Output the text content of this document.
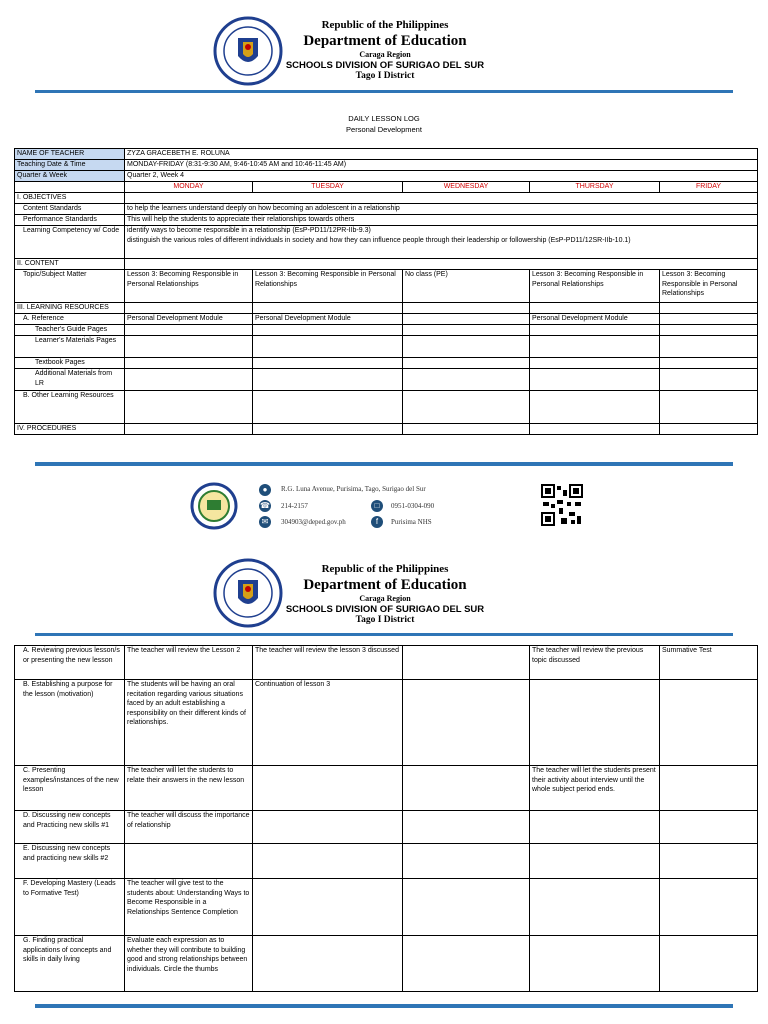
Republic of the Philippines
Department of Education
Caraga Region
SCHOOLS DIVISION OF SURIGAO DEL SUR
Tago I District
DAILY LESSON LOG
Personal Development
NAME OF TEACHER	ZYZA GRACEBETH E. ROLUNA				
Teaching Date & Time	MONDAY-FRIDAY (8:31-9:30 AM, 9:46-10:45 AM and 10:46-11:45 AM)				
Quarter & Week	Quarter 2, Week 4				
	MONDAY	TUESDAY	WEDNESDAY	THURSDAY	FRIDAY
I. OBJECTIVES					
Content Standards	to help the learners understand deeply on how becoming an adolescent in a relationship				
Performance Standards	This will help the students to appreciate their relationships towards others				
Learning Competency w/ Code	identify ways to become responsible in a relationship (EsP-PD11/12PR-IIb-9.3)
distinguish the various roles of different individuals in society and how they can influence people through their leadership or followership (EsP-PD11/12SR-IIb-10.1)				

II. CONTENT					
Topic/Subject Matter	Lesson 3: Becoming Responsible in Personal Relationships	Lesson 3: Becoming Responsible in Personal Relationships	No class (PE)	Lesson 3: Becoming Responsible in Personal Relationships	Lesson 3: Becoming Responsible in Personal Relationships
III. LEARNING RESOURCES					
A. Reference	Personal Development Module	Personal Development Module		Personal Development Module	
Teacher's Guide Pages					
Learner's Materials Pages					
Textbook Pages					
Additional Materials from LR					
B. Other Learning Resources					
IV. PROCEDURES					
●	R.G. Luna Avenue, Purisima, Tago, Surigao del Sur
☎ 214-2157	□	0951-0304-090
✉	304903@deped.gov.ph	f	Purisima NHS
Republic of the Philippines
Department of Education
Caraga Region
SCHOOLS DIVISION OF SURIGAO DEL SUR
Tago I District
A. Reviewing previous lesson/s or presenting the new lesson	The teacher will review the Lesson 2	The teacher will review the lesson 3 discussed		The teacher will review the previous topic discussed	Summative Test
B. Establishing a purpose for the lesson (motivation)	The students will be having an oral recitation regarding various situations faced by an adult establishing a responsibility on their different kinds of relationships.	Continuation of lesson 3			
C. Presenting examples/instances of the new lesson	The teacher will let the students to relate their answers in the new lesson			The teacher will let the students present their activity about interview until the whole subject period ends.	
D. Discussing new concepts and Practicing new skills #1	The teacher will discuss the importance of relationship				
E. Discussing new concepts and practicing new skills #2					
F. Developing Mastery (Leads to Formative Test)	The teacher will give test to the students about: Understanding Ways to Become Responsible in a Relationships Sentence Completion				
G. Finding practical applications of concepts and skills in daily living	Evaluate each expression as to whether they will contribute to building good and strong relationships between individuals. Circle the thumbs				
